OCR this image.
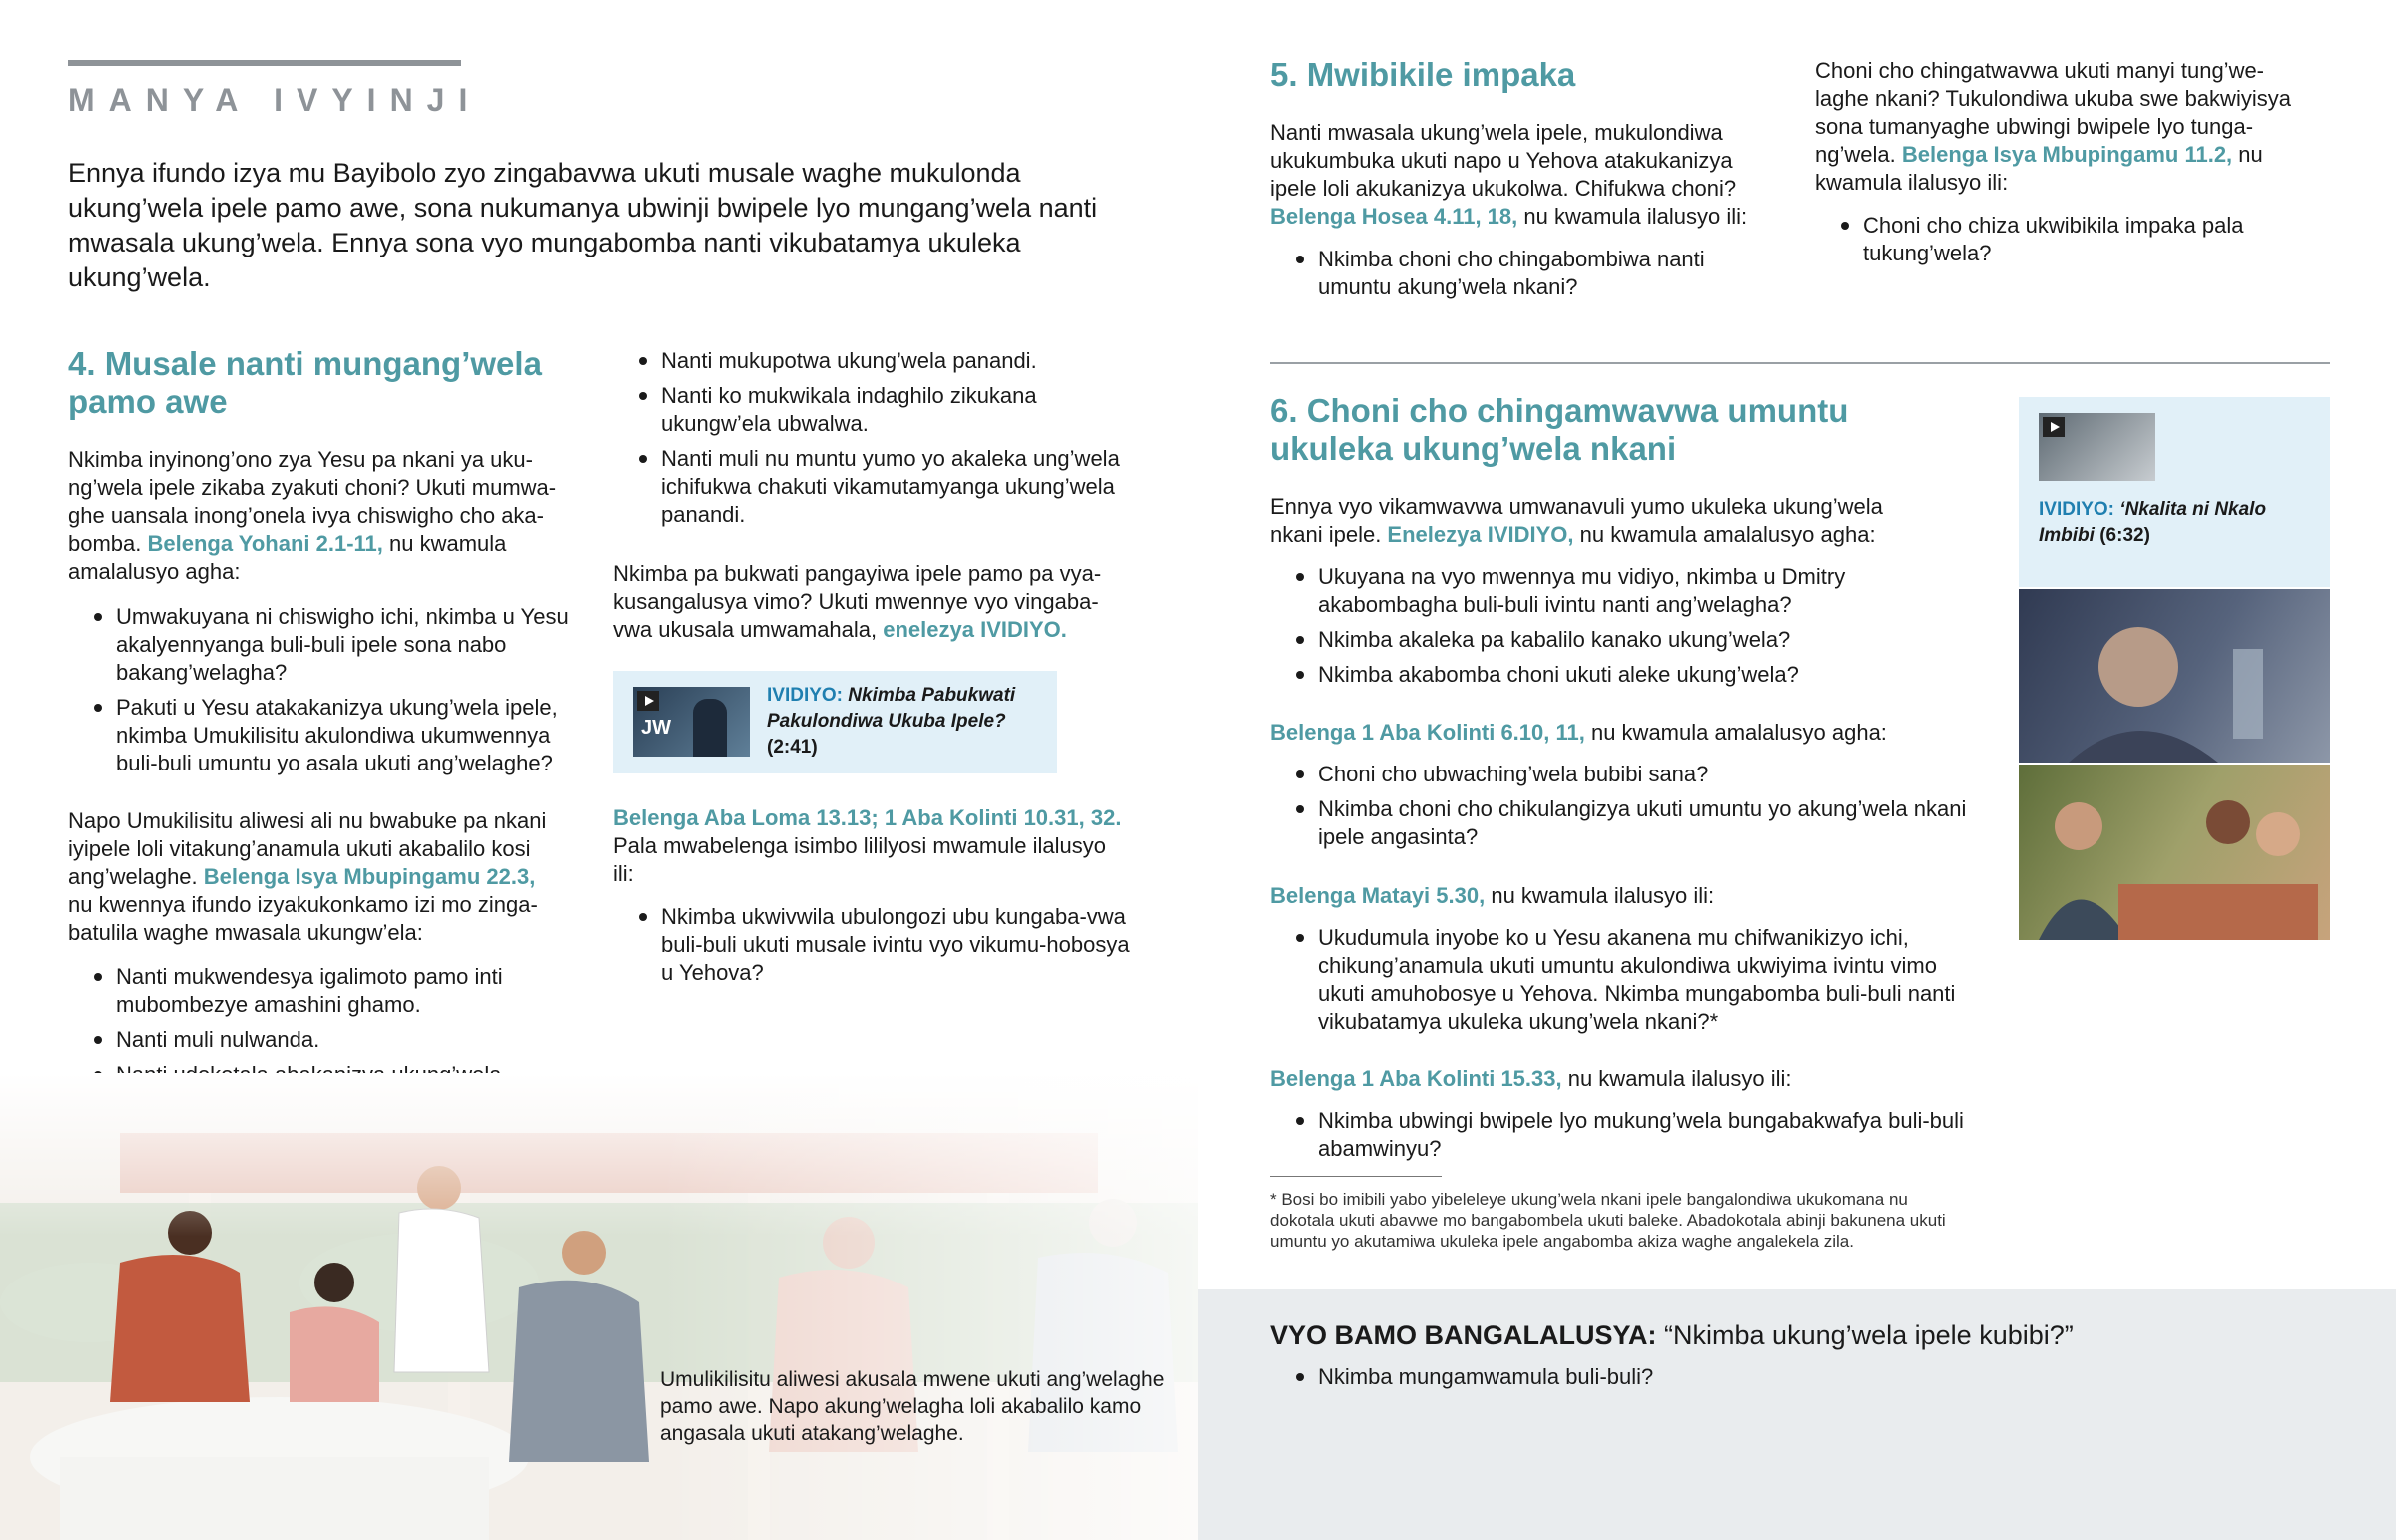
MANYA IVYINJI
Ennya ifundo izya mu Bayibolo zyo zingabavwa ukuti musale waghe mukulonda ukung’wela ipele pamo awe, sona nukumanya ubwinji bwipele lyo mungang’wela nanti mwasala ukung’wela. Ennya sona vyo mungabomba nanti vikubatamya ukuleka ukung’wela.
4. Musale nanti mungang’wela
pamo awe
Nkimba inyinong’ono zya Yesu pa nkani ya uku-
ng’wela ipele zikaba zyakuti choni? Ukuti mumwa-
ghe uansala inong’onela ivya chiswigho cho aka-
bomba. Belenga Yohani 2.1-11, nu kwamula
amalalusyo agha:
Umwakuyana ni chiswigho ichi, nkimba u Yesu akalyennyanga buli-buli ipele sona nabo bakang’welagha?
Pakuti u Yesu atakakanizya ukung’wela ipele, nkimba Umukilisitu akulondiwa ukumwennya buli-buli umuntu yo asala ukuti ang’welaghe?
Napo Umukilisitu aliwesi ali nu bwabuke pa nkani
iyipele loli vitakung’anamula ukuti akabalilo kosi
ang’welaghe. Belenga Isya Mbupingamu 22.3,
nu kwennya ifundo izyakukonkamo izi mo zinga-
batulila waghe mwasala ukungw’ela:
Nanti mukwendesya igalimoto pamo inti mubombezye amashini ghamo.
Nanti muli nulwanda.
Nanti mukupotwa ukung’wela panandi.
Nanti ko mukwikala indaghilo zikukana ukungw’ela ubwalwa.
Nanti muli nu muntu yumo yo akaleka ung’wela ichifukwa chakuti vikamutamyanga ukung’wela panandi.
Nkimba pa bukwati pangayiwa ipele pamo pa vya-
kusangalusya vimo? Ukuti mwennye vyo vingaba-
vwa ukusala umwamahala, enelezya IVIDIYO.
JW
IVIDIYO: Nkimba Pabukwati Pakulondiwa Ukuba Ipele?
(2:41)
Belenga Aba Loma 13.13; 1 Aba Kolinti 10.31, 32.
Pala mwabelenga isimbo lililyosi mwamule ilalusyo
ili:
Nkimba ukwivwila ubulongozi ubu kungaba-vwa buli-buli ukuti musale ivintu vyo vikumu-hobosya u Yehova?
Umulikilisitu aliwesi akusala mwene ukuti ang’welaghe pamo awe. Napo akung’welagha loli akabalilo kamo angasala ukuti atakang’welaghe.
5. Mwibikile impaka
Nanti mwasala ukung’wela ipele, mukulondiwa
ukukumbuka ukuti napo u Yehova atakukanizya
ipele loli akukanizya ukukolwa. Chifukwa choni?
Belenga Hosea 4.11, 18, nu kwamula ilalusyo ili:
Nkimba choni cho chingabombiwa nanti umuntu akung’wela nkani?
Choni cho chingatwavwa ukuti manyi tung’we-
laghe nkani? Tukulondiwa ukuba swe bakwiyisya
sona tumanyaghe ubwingi bwipele lyo tunga-
ng’wela. Belenga Isya Mbupingamu 11.2, nu
kwamula ilalusyo ili:
Choni cho chiza ukwibikila impaka pala tukung’wela?
6. Choni cho chingamwavwa umuntu
ukuleka ukung’wela nkani
Ennya vyo vikamwavwa umwanavuli yumo ukuleka ukung’wela
nkani ipele. Enelezya IVIDIYO, nu kwamula amalalusyo agha:
Ukuyana na vyo mwennya mu vidiyo, nkimba u Dmitry akabombagha buli-buli ivintu nanti ang’welagha?
Nkimba akaleka pa kabalilo kanako ukung’wela?
Nkimba akabomba choni ukuti aleke ukung’wela?
Belenga 1 Aba Kolinti 6.10, 11, nu kwamula amalalusyo agha:
Choni cho ubwaching’wela bubibi sana?
Nkimba choni cho chikulangizya ukuti umuntu yo akung’wela nkani ipele angasinta?
Belenga Matayi 5.30, nu kwamula ilalusyo ili:
Ukudumula inyobe ko u Yesu akanena mu chifwanikizyo ichi, chikung’anamula ukuti umuntu akulondiwa ukwiyima ivintu vimo ukuti amuhobosye u Yehova. Nkimba mungabomba buli-buli nanti vikubatamya ukuleka ukung’wela nkani?*
Belenga 1 Aba Kolinti 15.33, nu kwamula ilalusyo ili:
Nkimba ubwingi bwipele lyo mukung’wela bungabakwafya buli-buli abamwinyu?
* Bosi bo imibili yabo yibeleleye ukung’wela nkani ipele bangalondiwa ukukomana nu dokotala ukuti abavwe mo bangabombela ukuti baleke. Abadokotala abinji bakunena ukuti umuntu yo akutamiwa ukuleka ipele angabomba akiza waghe angalekela zila.
IVIDIYO: ‘Nkalita ni Nkalo Imbibi (6:32)
VYO BAMO BANGALALUSYA: “Nkimba ukung’wela ipele kubibi?”
Nkimba mungamwamula buli-buli?
